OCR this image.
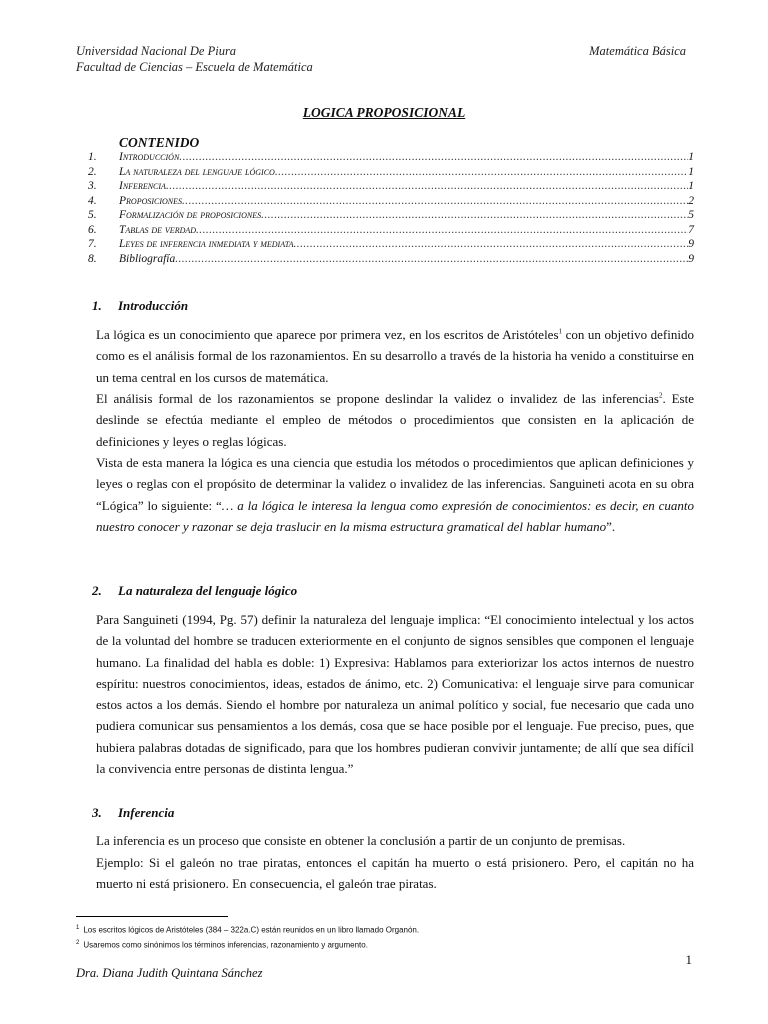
Universidad Nacional De Piura
Facultad de Ciencias – Escuela de Matemática
Matemática Básica
LOGICA PROPOSICIONAL
CONTENIDO
1.	Introducción .....	1
2.	La naturaleza del lenguaje lógico .....	1
3.	Inferencia .....	1
4.	Proposiciones .....	2
5.	Formalización de proposiciones .....	5
6.	Tablas de verdad .....	7
7.	Leyes de inferencia inmediata y mediata .....	9
8.	Bibliografía .....	9
1. Introducción
La lógica es un conocimiento que aparece por primera vez, en los escritos de Aristóteles$^1$ con un objetivo definido como es el análisis formal de los razonamientos. En su desarrollo a través de la historia ha venido a constituirse en un tema central en los cursos de matemática.
El análisis formal de los razonamientos se propone deslindar la validez o invalidez de las inferencias$^2$. Este deslinde se efectúa mediante el empleo de métodos o procedimientos que consisten en la aplicación de definiciones y leyes o reglas lógicas.
Vista de esta manera la lógica es una ciencia que estudia los métodos o procedimientos que aplican definiciones y leyes o reglas con el propósito de determinar la validez o invalidez de las inferencias. Sanguineti acota en su obra “Lógica” lo siguiente: “… a la lógica le interesa la lengua como expresión de conocimientos: es decir, en cuanto nuestro conocer y razonar se deja traslucir en la misma estructura gramatical del hablar humano”.
2. La naturaleza del lenguaje lógico
Para Sanguineti (1994, Pg. 57) definir la naturaleza del lenguaje implica: “El conocimiento intelectual y los actos de la voluntad del hombre se traducen exteriormente en el conjunto de signos sensibles que componen el lenguaje humano. La finalidad del habla es doble: 1) Expresiva: Hablamos para exteriorizar los actos internos de nuestro espíritu: nuestros conocimientos, ideas, estados de ánimo, etc. 2) Comunicativa: el lenguaje sirve para comunicar estos actos a los demás. Siendo el hombre por naturaleza un animal político y social, fue necesario que cada uno pudiera comunicar sus pensamientos a los demás, cosa que se hace posible por el lenguaje. Fue preciso, pues, que hubiera palabras dotadas de significado, para que los hombres pudieran convivir juntamente; de allí que sea difícil la convivencia entre personas de distinta lengua.”
3. Inferencia
La inferencia es un proceso que consiste en obtener la conclusión a partir de un conjunto de premisas.
Ejemplo: Si el galeón no trae piratas, entonces el capitán ha muerto o está prisionero. Pero, el capitán no ha muerto ni está prisionero. En consecuencia, el galeón trae piratas.
$^1$ Los escritos lógicos de Aristóteles (384 – 322a.C) están reunidos en un libro llamado Organón.
$^2$ Usaremos como sinónimos los términos inferencias, razonamiento y argumento.
1
Dra. Diana Judith Quintana Sánchez
